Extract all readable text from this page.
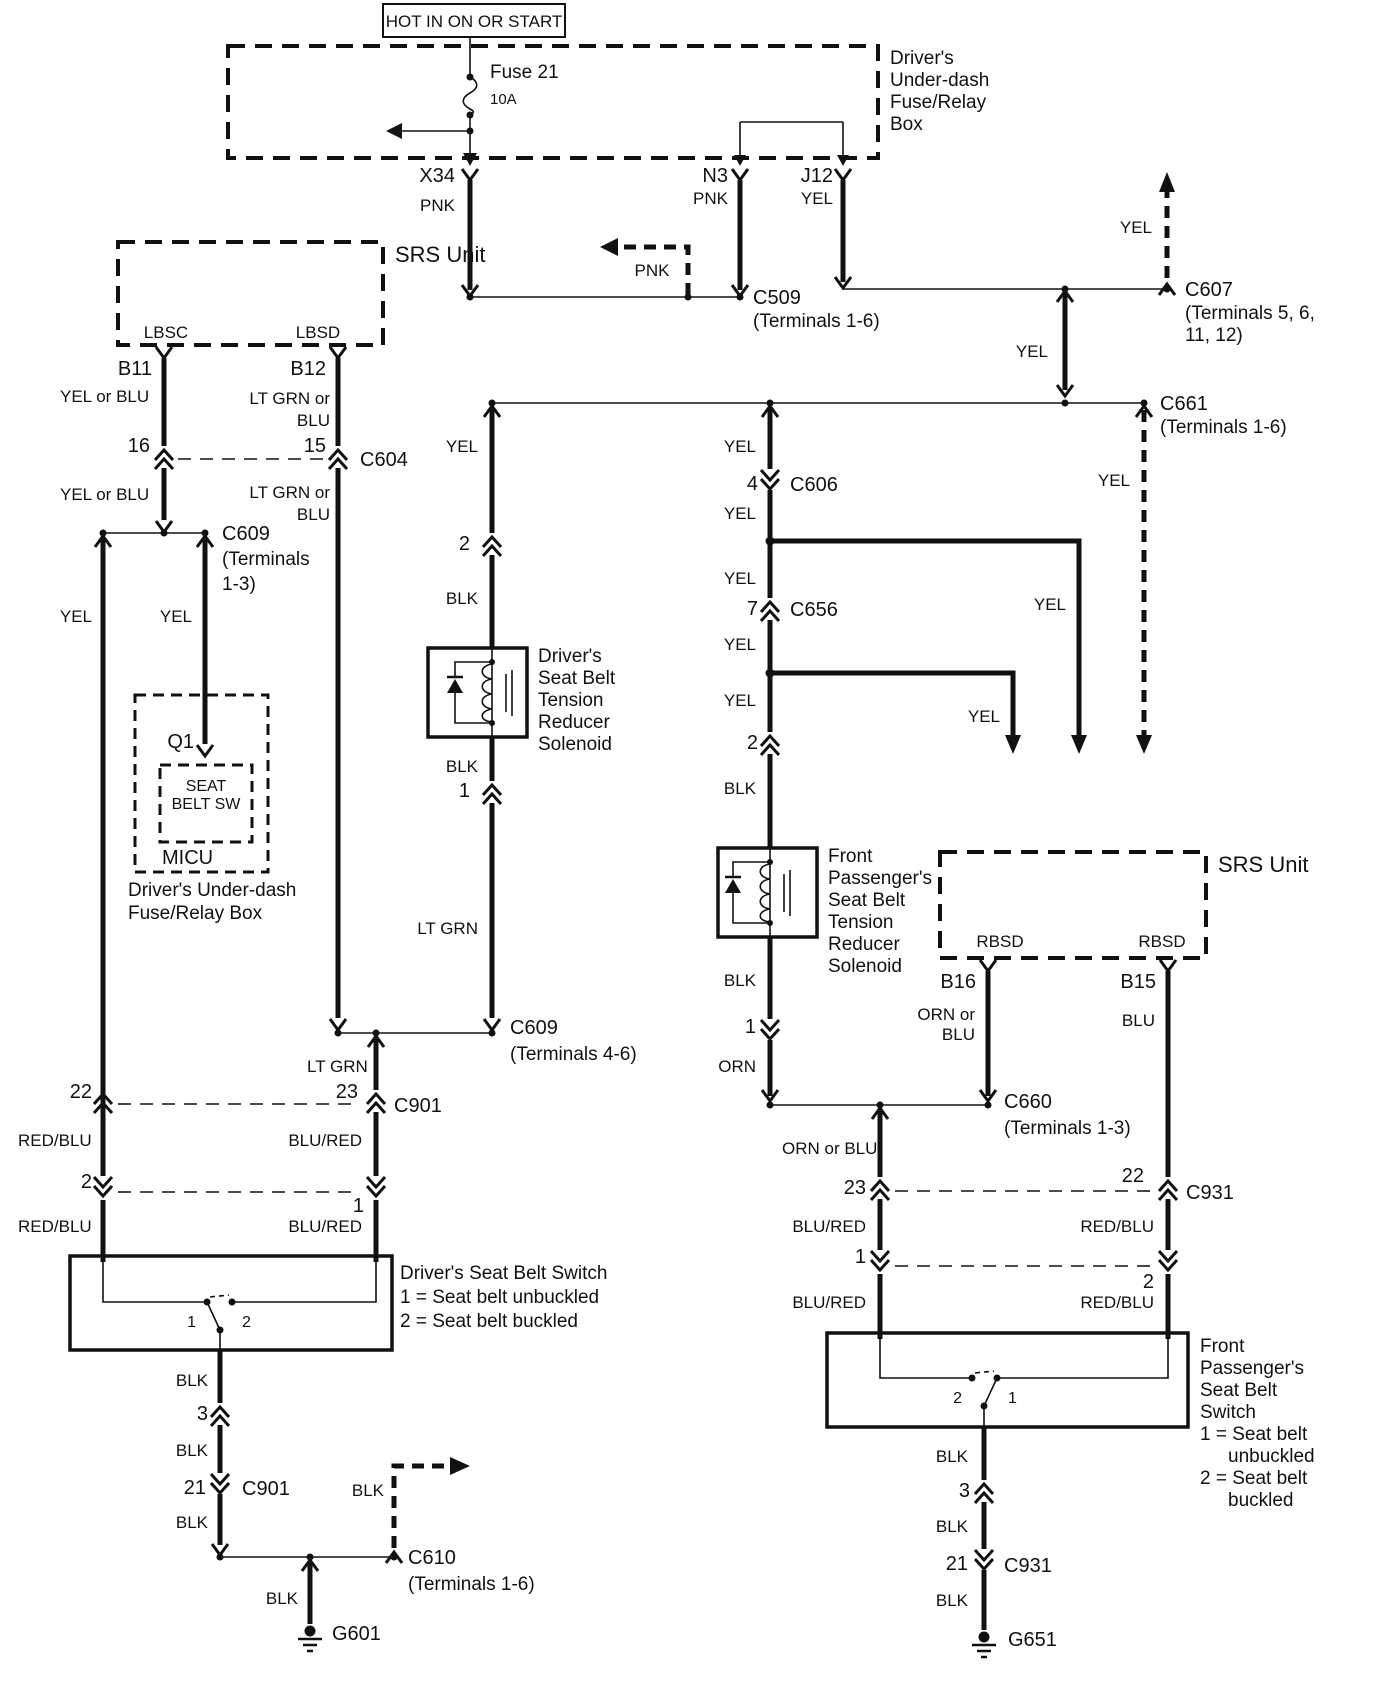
HOT IN ON OR START
Driver's
Under-dash
Fuse/Relay
Box
Fuse 21
10A
X34
PNK
C509
(Terminals 1-6)
PNK
N3
PNK
J12
YEL
C607
(Terminals 5, 6,
11, 12)
YEL
YEL
C661
(Terminals 1-6)
YEL
SRS Unit
LBSC	LBSD
B11
YEL or BLU
16
YEL or BLU
B12
LT GRN or
BLU
15
C604
LT GRN or
BLU
C609
(Terminals
1-3)
YEL	YEL
Q1
SEAT
BELT SW
MICU
Driver's Under-dash
Fuse/Relay Box
YEL
2
BLK
Driver's
Seat Belt
Tension
Reducer
Solenoid
BLK
1
LT GRN
C609
(Terminals 4-6)
LT GRN
22	23
C901
RED/BLU	BLU/RED
2
1
RED/BLU	BLU/RED
1	2
Driver's Seat Belt Switch
1 = Seat belt unbuckled
2 = Seat belt buckled
BLK
3
BLK
21 C901
BLK
BLK
G601
C610
(Terminals 1-6)
BLK
YEL
4 C606
YEL
YEL
YEL
7 C656
YEL
YEL
YEL
2
BLK
Front
Passenger's
Seat Belt
Tension
Reducer
Solenoid
BLK
1
ORN
SRS Unit
RBSD	RBSD
B16
ORN or
BLU
B15
BLU
C660
(Terminals 1-3)
ORN or BLU
23
22
C931
BLU/RED	RED/BLU
1
2
BLU/RED	RED/BLU
2	1
Front
Passenger's
Seat Belt
Switch
1 = Seat belt
unbuckled
2 = Seat belt
buckled
BLK
3
BLK
21 C931
BLK
G651
